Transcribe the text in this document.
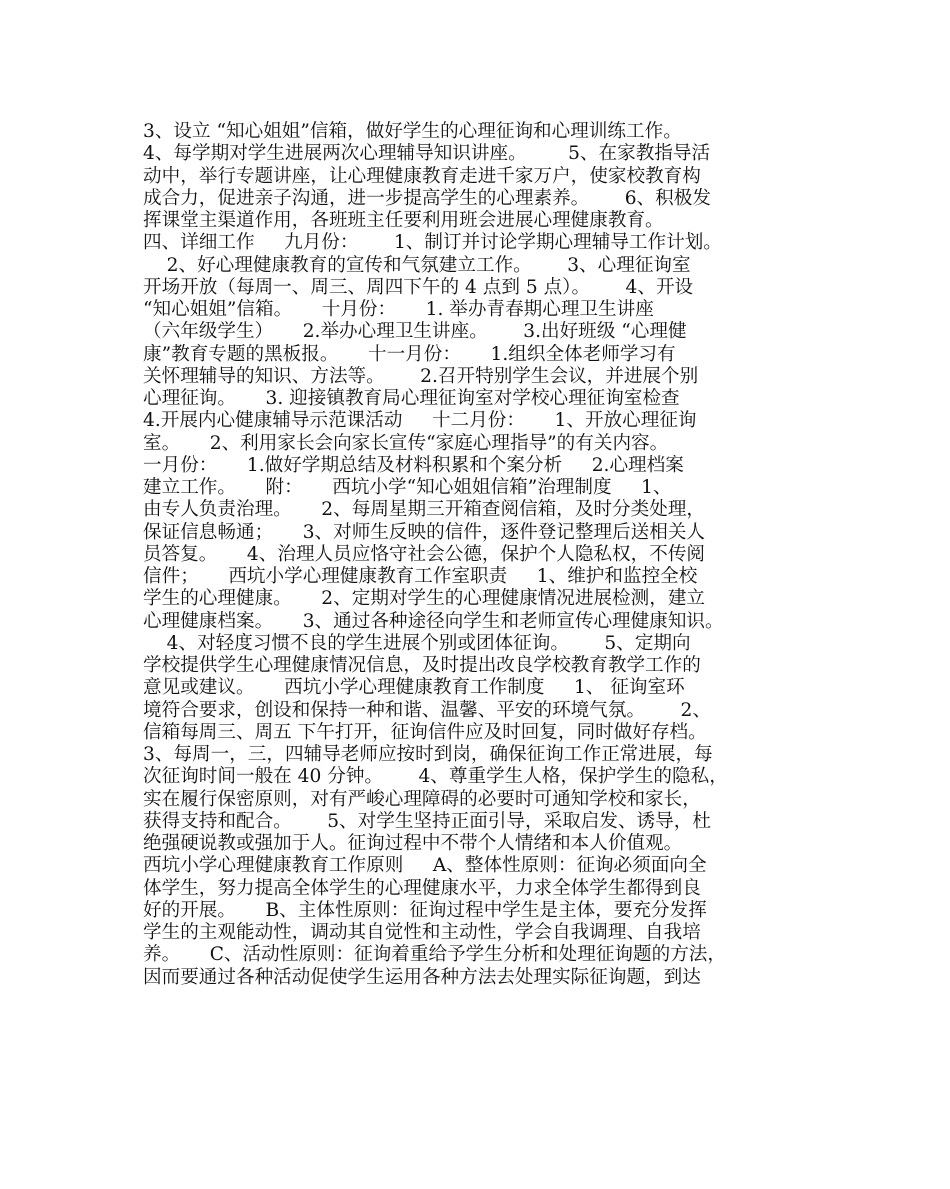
3、设立 “知心姐姐”信箱，做好学生的心理征询和心理训练工作。
4、每学期对学生进展两次心理辅导知识讲座。       5、在家教指导活
动中，举行专题讲座，让心理健康教育走进千家万户，使家校教育构
成合力，促进亲子沟通，进一步提高学生的心理素养。      6、积极发
挥课堂主渠道作用，各班班主任要利用班会进展心理健康教育。
四、详细工作     九月份：      1、制订并讨论学期心理辅导工作计划。
2、好心理健康教育的宣传和气氛建立工作。      3、心理征询室
开场开放（每周一、周三、周四下午的 4 点到 5 点）。      4、开设
“知心姐姐”信箱。     十月份：     1. 举办青春期心理卫生讲座
（六年级学生）     2.举办心理卫生讲座。      3.出好班级 “心理健
康”教育专题的黑板报。     十一月份：     1.组织全体老师学习有
关怀理辅导的知识、方法等。      2.召开特别学生会议，并进展个别
心理征询。     3. 迎接镇教育局心理征询室对学校心理征询室检查
4.开展内心健康辅导示范课活动     十二月份：     1、开放心理征询
室。     2、利用家长会向家长宣传“家庭心理指导”的有关内容。
一月份：     1.做好学期总结及材料积累和个案分析     2.心理档案
建立工作。     附：     西坑小学“知心姐姐信箱”治理制度     1、
由专人负责治理。     2、每周星期三开箱查阅信箱，及时分类处理，
保证信息畅通；     3、对师生反映的信件，逐件登记整理后送相关人
员答复。     4、治理人员应恪守社会公德，保护个人隐私权，不传阅
信件；     西坑小学心理健康教育工作室职责     1、维护和监控全校
学生的心理健康。     2、定期对学生的心理健康情况进展检测，建立
心理健康档案。     3、通过各种途径向学生和老师宣传心理健康知识。
4、对轻度习惯不良的学生进展个别或团体征询。      5、定期向
学校提供学生心理健康情况信息，及时提出改良学校教育教学工作的
意见或建议。     西坑小学心理健康教育工作制度     1、 征询室环
境符合要求，创设和保持一种和谐、温馨、平安的环境气氛。      2、
信箱每周三、周五 下午打开，征询信件应及时回复，同时做好存档。
3、每周一，三，四辅导老师应按时到岗，确保征询工作正常进展，每
次征询时间一般在 40 分钟。      4、尊重学生人格，保护学生的隐私，
实在履行保密原则，对有严峻心理障碍的必要时可通知学校和家长，
获得支持和配合。      5、对学生坚持正面引导，采取启发、诱导，杜
绝强硬说教或强加于人。征询过程中不带个人情绪和本人价值观。
西坑小学心理健康教育工作原则     A、整体性原则：征询必须面向全
体学生，努力提高全体学生的心理健康水平，力求全体学生都得到良
好的开展。     B、主体性原则：征询过程中学生是主体，要充分发挥
学生的主观能动性，调动其自觉性和主动性，学会自我调理、自我培
养。     C、活动性原则：征询着重给予学生分析和处理征询题的方法，
因而要通过各种活动促使学生运用各种方法去处理实际征询题，到达
